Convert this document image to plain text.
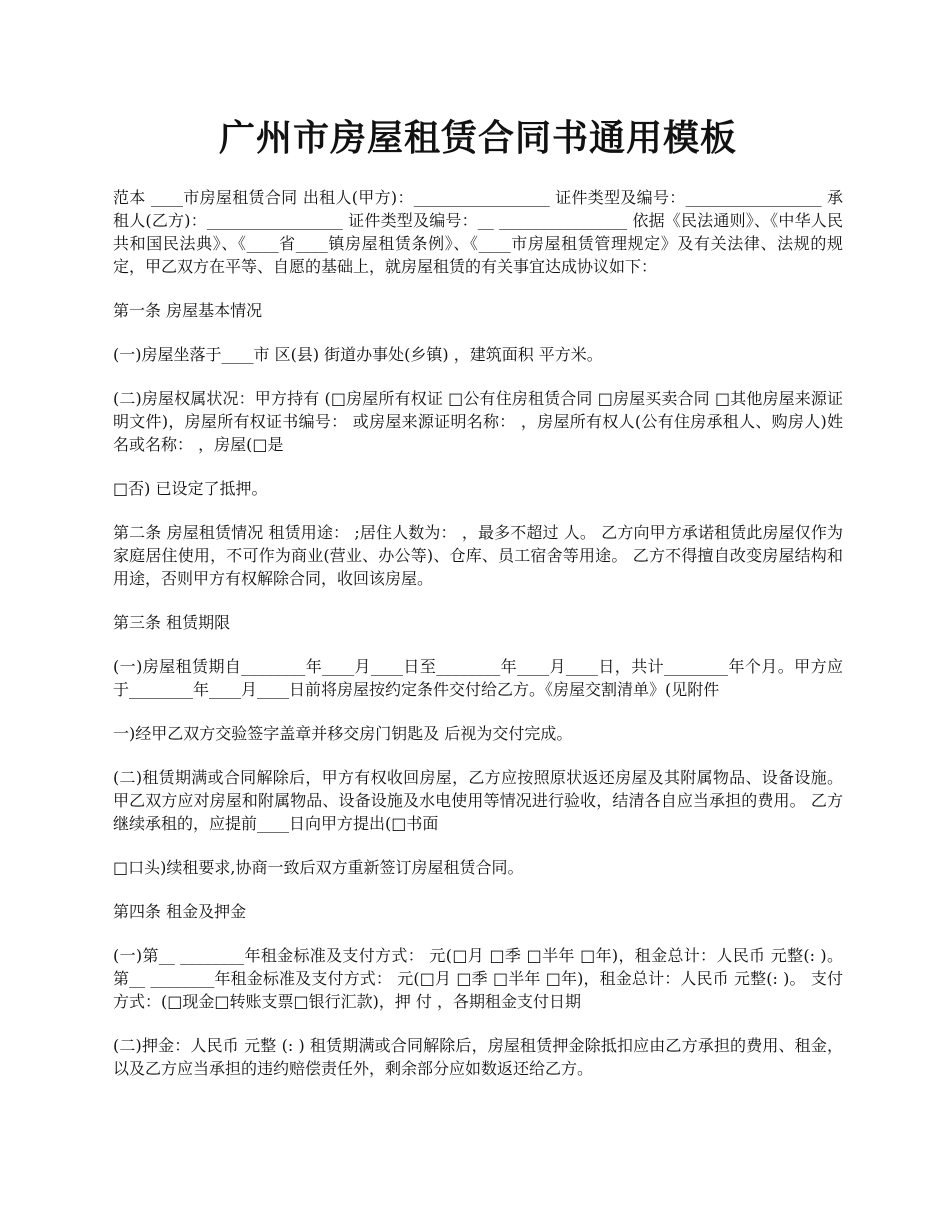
广州市房屋租赁合同书通用模板

范本 ____市房屋租赁合同 出租人(甲方)：_________________ 证件类型及编号：_________________ 承租人(乙方)：_________________ 证件类型及编号：__ ________________ 依据《民法通则》、《中华人民共和国民法典》、《____省____镇房屋租赁条例》、《____市房屋租赁管理规定》及有关法律、法规的规定，甲乙双方在平等、自愿的基础上，就房屋租赁的有关事宜达成协议如下：

第一条 房屋基本情况

(一)房屋坐落于____市 区(县) 街道办事处(乡镇) ，建筑面积 平方米。

(二)房屋权属状况：甲方持有 (□房屋所有权证 □公有住房租赁合同 □房屋买卖合同 □其他房屋来源证明文件)，房屋所有权证书编号： 或房屋来源证明名称： ，房屋所有权人(公有住房承租人、购房人)姓名或名称： ，房屋(□是

□否) 已设定了抵押。

第二条 房屋租赁情况 租赁用途： ;居住人数为： ，最多不超过 人。 乙方向甲方承诺租赁此房屋仅作为家庭居住使用，不可作为商业(营业、办公等)、仓库、员工宿舍等用途。 乙方不得擅自改变房屋结构和用途，否则甲方有权解除合同，收回该房屋。

第三条 租赁期限

(一)房屋租赁期自________年____月____日至________年____月____日，共计________年个月。甲方应于________年____月____日前将房屋按约定条件交付给乙方。《房屋交割清单》(见附件

一)经甲乙双方交验签字盖章并移交房门钥匙及 后视为交付完成。

(二)租赁期满或合同解除后，甲方有权收回房屋，乙方应按照原状返还房屋及其附属物品、设备设施。甲乙双方应对房屋和附属物品、设备设施及水电使用等情况进行验收，结清各自应当承担的费用。 乙方继续承租的，应提前____日向甲方提出(□书面

□口头)续租要求,协商一致后双方重新签订房屋租赁合同。

第四条 租金及押金

(一)第__ ________年租金标准及支付方式： 元(□月 □季 □半年 □年)，租金总计：人民币 元整(: )。 第__ ________年租金标准及支付方式： 元(□月 □季 □半年 □年)，租金总计：人民币 元整(: )。 支付方式：(□现金□转账支票□银行汇款)，押 付 ，各期租金支付日期

(二)押金：人民币 元整 (: ) 租赁期满或合同解除后，房屋租赁押金除抵扣应由乙方承担的费用、租金，以及乙方应当承担的违约赔偿责任外，剩余部分应如数返还给乙方。
